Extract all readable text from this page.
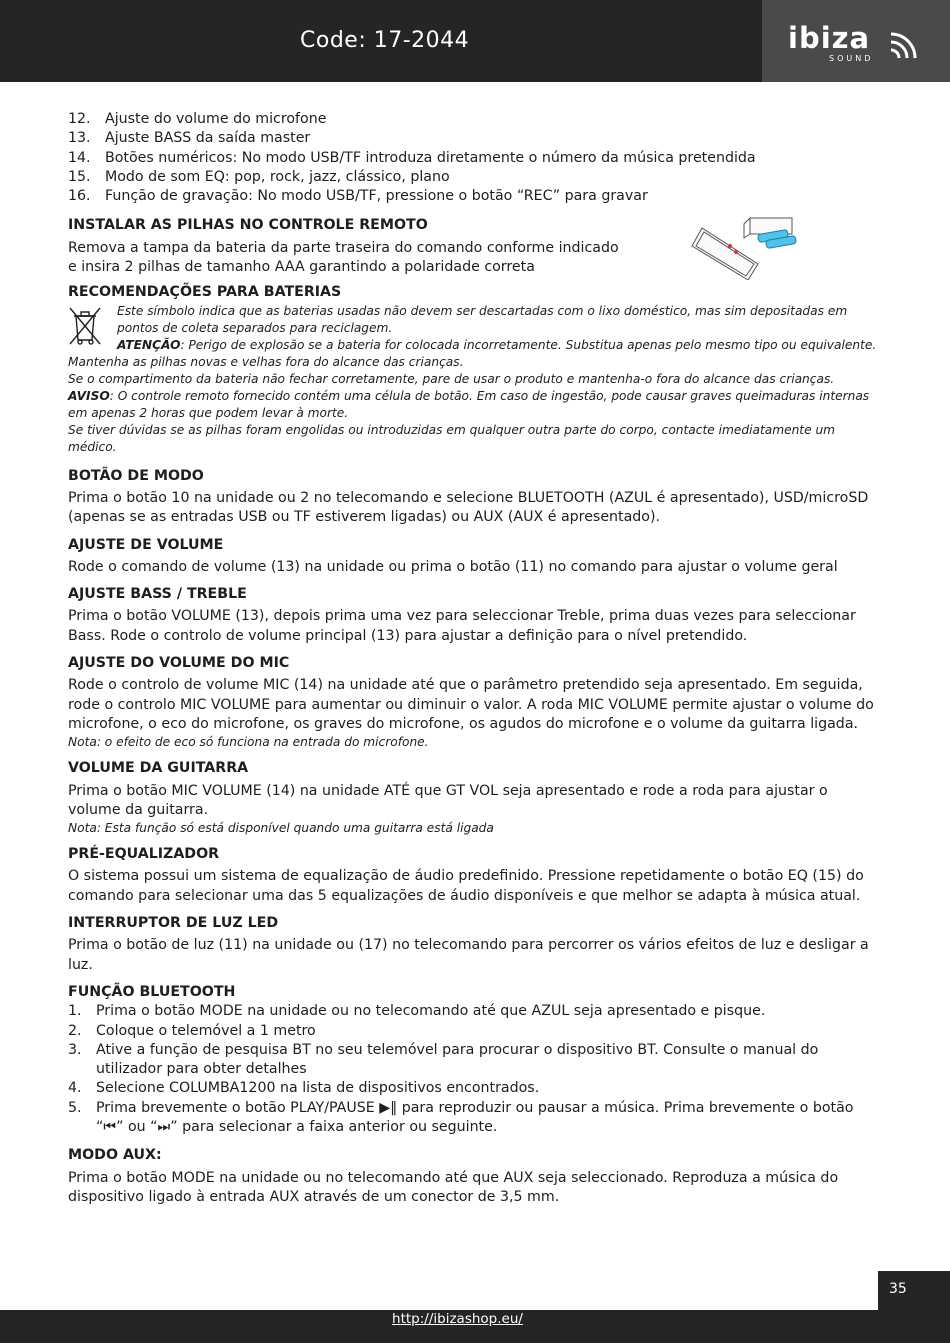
Code: 17-2044	ibiza
SOUND
12. Ajuste do volume do microfone
13. Ajuste BASS da saída master
14. Botões numéricos: No modo USB/TF introduza diretamente o número da música pretendida
15. Modo de som EQ: pop, rock, jazz, clássico, plano
16. Função de gravação: No modo USB/TF, pressione o botão “REC” para gravar
INSTALAR AS PILHAS NO CONTROLE REMOTO
Remova a tampa da bateria da parte traseira do comando conforme indicado e insira 2 pilhas de tamanho AAA garantindo a polaridade correta
RECOMENDAÇÕES PARA BATERIAS
Este símbolo indica que as baterias usadas não devem ser descartadas com o lixo doméstico, mas sim depositadas em pontos de coleta separados para reciclagem.
ATENÇÃO: Perigo de explosão se a bateria for colocada incorretamente. Substitua apenas pelo mesmo tipo ou equivalente.
Mantenha as pilhas novas e velhas fora do alcance das crianças.
Se o compartimento da bateria não fechar corretamente, pare de usar o produto e mantenha-o fora do alcance das crianças.
AVISO: O controle remoto fornecido contém uma célula de botão. Em caso de ingestão, pode causar graves queimaduras internas em apenas 2 horas que podem levar à morte.
Se tiver dúvidas se as pilhas foram engolidas ou introduzidas em qualquer outra parte do corpo, contacte imediatamente um médico.
BOTÃO DE MODO
Prima o botão 10 na unidade ou 2 no telecomando e selecione BLUETOOTH (AZUL é apresentado), USD/microSD (apenas se as entradas USB ou TF estiverem ligadas) ou AUX (AUX é apresentado).
AJUSTE DE VOLUME
Rode o comando de volume (13) na unidade ou prima o botão (11) no comando para ajustar o volume geral
AJUSTE BASS / TREBLE
Prima o botão VOLUME (13), depois prima uma vez para seleccionar Treble, prima duas vezes para seleccionar Bass. Rode o controlo de volume principal (13) para ajustar a definição para o nível pretendido.
AJUSTE DO VOLUME DO MIC
Rode o controlo de volume MIC (14) na unidade até que o parâmetro pretendido seja apresentado. Em seguida, rode o controlo MIC VOLUME para aumentar ou diminuir o valor. A roda MIC VOLUME permite ajustar o volume do microfone, o eco do microfone, os graves do microfone, os agudos do microfone e o volume da guitarra ligada.
Nota: o efeito de eco só funciona na entrada do microfone.
VOLUME DA GUITARRA
Prima o botão MIC VOLUME (14) na unidade ATÉ que GT VOL seja apresentado e rode a roda para ajustar o volume da guitarra.
Nota: Esta função só está disponível quando uma guitarra está ligada
PRÉ-EQUALIZADOR
O sistema possui um sistema de equalização de áudio predefinido. Pressione repetidamente o botão EQ (15) do comando para selecionar uma das 5 equalizações de áudio disponíveis e que melhor se adapta à música atual.
INTERRUPTOR DE LUZ LED
Prima o botão de luz (11) na unidade ou (17) no telecomando para percorrer os vários efeitos de luz e desligar a luz.
FUNÇÃO BLUETOOTH
1. Prima o botão MODE na unidade ou no telecomando até que AZUL seja apresentado e pisque.
2. Coloque o telemóvel a 1 metro
3. Ative a função de pesquisa BT no seu telemóvel para procurar o dispositivo BT. Consulte o manual do utilizador para obter detalhes
4. Selecione COLUMBA1200 na lista de dispositivos encontrados.
5. Prima brevemente o botão PLAY/PAUSE ▶‖ para reproduzir ou pausar a música. Prima brevemente o botão “⏮” ou “⏭” para selecionar a faixa anterior ou seguinte.
MODO AUX:
Prima o botão MODE na unidade ou no telecomando até que AUX seja seleccionado. Reproduza a música do dispositivo ligado à entrada AUX através de um conector de 3,5 mm.
35
http://ibizashop.eu/
